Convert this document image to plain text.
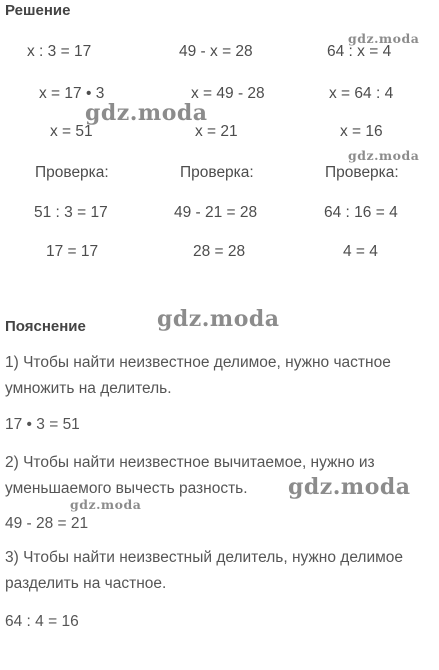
Решение
x : 3 = 17	49 - x = 28	64 : x = 4
x = 17 • 3	x = 49 - 28	x = 64 : 4
x = 51	x = 21	x = 16
Проверка:	Проверка:	Проверка:
51 : 3 = 17	49 - 21 = 28	64 : 16 = 4
17 = 17	28 = 28	4 = 4
Пояснение
1) Чтобы найти неизвестное делимое, нужно частное
умножить на делитель.
17 • 3 = 51
2) Чтобы найти неизвестное вычитаемое, нужно из
уменьшаемого вычесть разность.
49 - 28 = 21
3) Чтобы найти неизвестный делитель, нужно делимое
разделить на частное.
64 : 4 = 16
gdz.moda
gdz.moda
gdz.moda
gdz.moda
gdz.moda
gdz.moda
